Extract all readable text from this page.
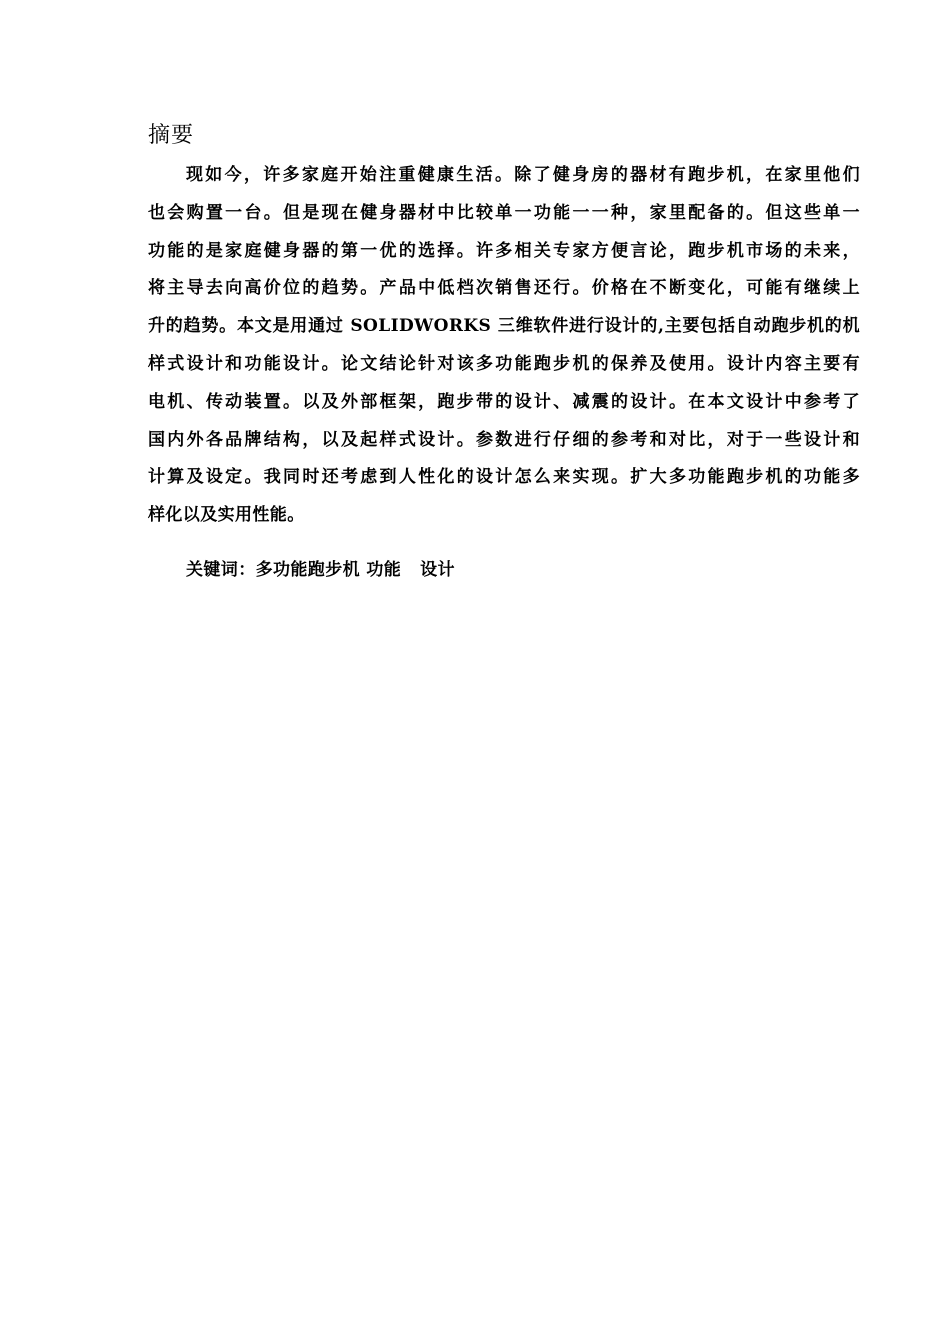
摘要
现如今，许多家庭开始注重健康生活。除了健身房的器材有跑步机，在家里他们
也会购置一台。但是现在健身器材中比较单一功能一一种，家里配备的。但这些单一
功能的是家庭健身器的第一优的选择。许多相关专家方便言论，跑步机市场的未来，
将主导去向高价位的趋势。产品中低档次销售还行。价格在不断变化，可能有继续上
升的趋势。本文是用通过 SOLIDWORKS 三维软件进行设计的,主要包括自动跑步机的机
样式设计和功能设计。论文结论针对该多功能跑步机的保养及使用。设计内容主要有
电机、传动装置。以及外部框架，跑步带的设计、减震的设计。在本文设计中参考了
国内外各品牌结构，以及起样式设计。参数进行仔细的参考和对比，对于一些设计和
计算及设定。我同时还考虑到人性化的设计怎么来实现。扩大多功能跑步机的功能多
样化以及实用性能。
关键词：多功能跑步机 功能   设计
